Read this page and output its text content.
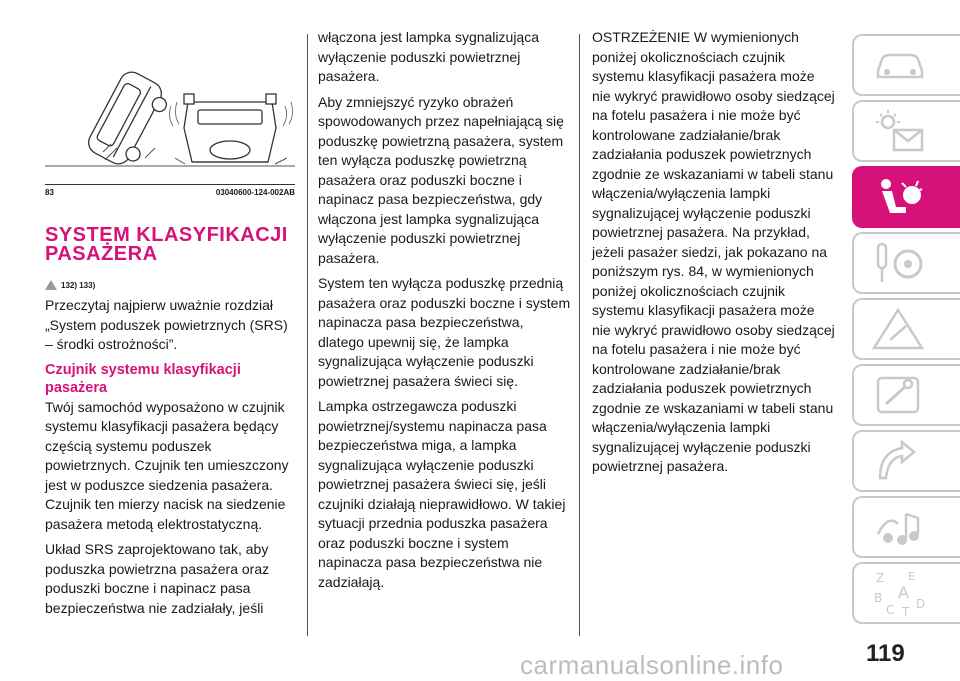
83	03040600-124-002AB
SYSTEM KLASYFIKACJI PASAŻERA
132) 133)

Przeczytaj najpierw uważnie rozdział „System poduszek powietrznych (SRS) – środki ostrożności”.

Czujnik systemu klasyfikacji pasażera

Twój samochód wyposażono w czujnik systemu klasyfikacji pasażera będący częścią systemu poduszek powietrznych. Czujnik ten umieszczony jest w poduszce siedzenia pasażera. Czujnik ten mierzy nacisk na siedzenie pasażera metodą elektrostatyczną.

Układ SRS zaprojektowano tak, aby poduszka powietrzna pasażera oraz poduszki boczne i napinacz pasa bezpieczeństwa nie zadziałały, jeśli

włączona jest lampka sygnalizująca wyłączenie poduszki powietrznej pasażera.

Aby zmniejszyć ryzyko obrażeń spowodowanych przez napełniającą się poduszkę powietrzną pasażera, system ten wyłącza poduszkę powietrzną pasażera oraz poduszki boczne i napinacz pasa bezpieczeństwa, gdy włączona jest lampka sygnalizująca wyłączenie poduszki powietrznej pasażera.

System ten wyłącza poduszkę przednią pasażera oraz poduszki boczne i system napinacza pasa bezpieczeństwa, dlatego upewnij się, że lampka sygnalizująca wyłączenie poduszki powietrznej pasażera świeci się.

Lampka ostrzegawcza poduszki powietrznej/systemu napinacza pasa bezpieczeństwa miga, a lampka sygnalizująca wyłączenie poduszki powietrznej pasażera świeci się, jeśli czujniki działają nieprawidłowo. W takiej sytuacji przednia poduszka pasażera oraz poduszki boczne i system napinacza pasa bezpieczeństwa nie zadziałają.

OSTRZEŻENIE W wymienionych poniżej okolicznościach czujnik systemu klasyfikacji pasażera może nie wykryć prawidłowo osoby siedzącej na fotelu pasażera i nie może być kontrolowane zadziałanie/brak zadziałania poduszek powietrznych zgodnie ze wskazaniami w tabeli stanu włączenia/wyłączenia lampki sygnalizującej wyłączenie poduszki powietrznej pasażera. Na przykład, jeżeli pasażer siedzi, jak pokazano na poniższym rys. 84, w wymienionych poniżej okolicznościach czujnik systemu klasyfikacji pasażera może nie wykryć prawidłowo osoby siedzącej na fotelu pasażera i nie może być kontrolowane zadziałanie/brak zadziałania poduszek powietrznych zgodnie ze wskazaniami w tabeli stanu włączenia/wyłączenia lampki sygnalizującej wyłączenie poduszki powietrznej pasażera.

Z E
B A
C T
D
119
carmanualsonline.info
